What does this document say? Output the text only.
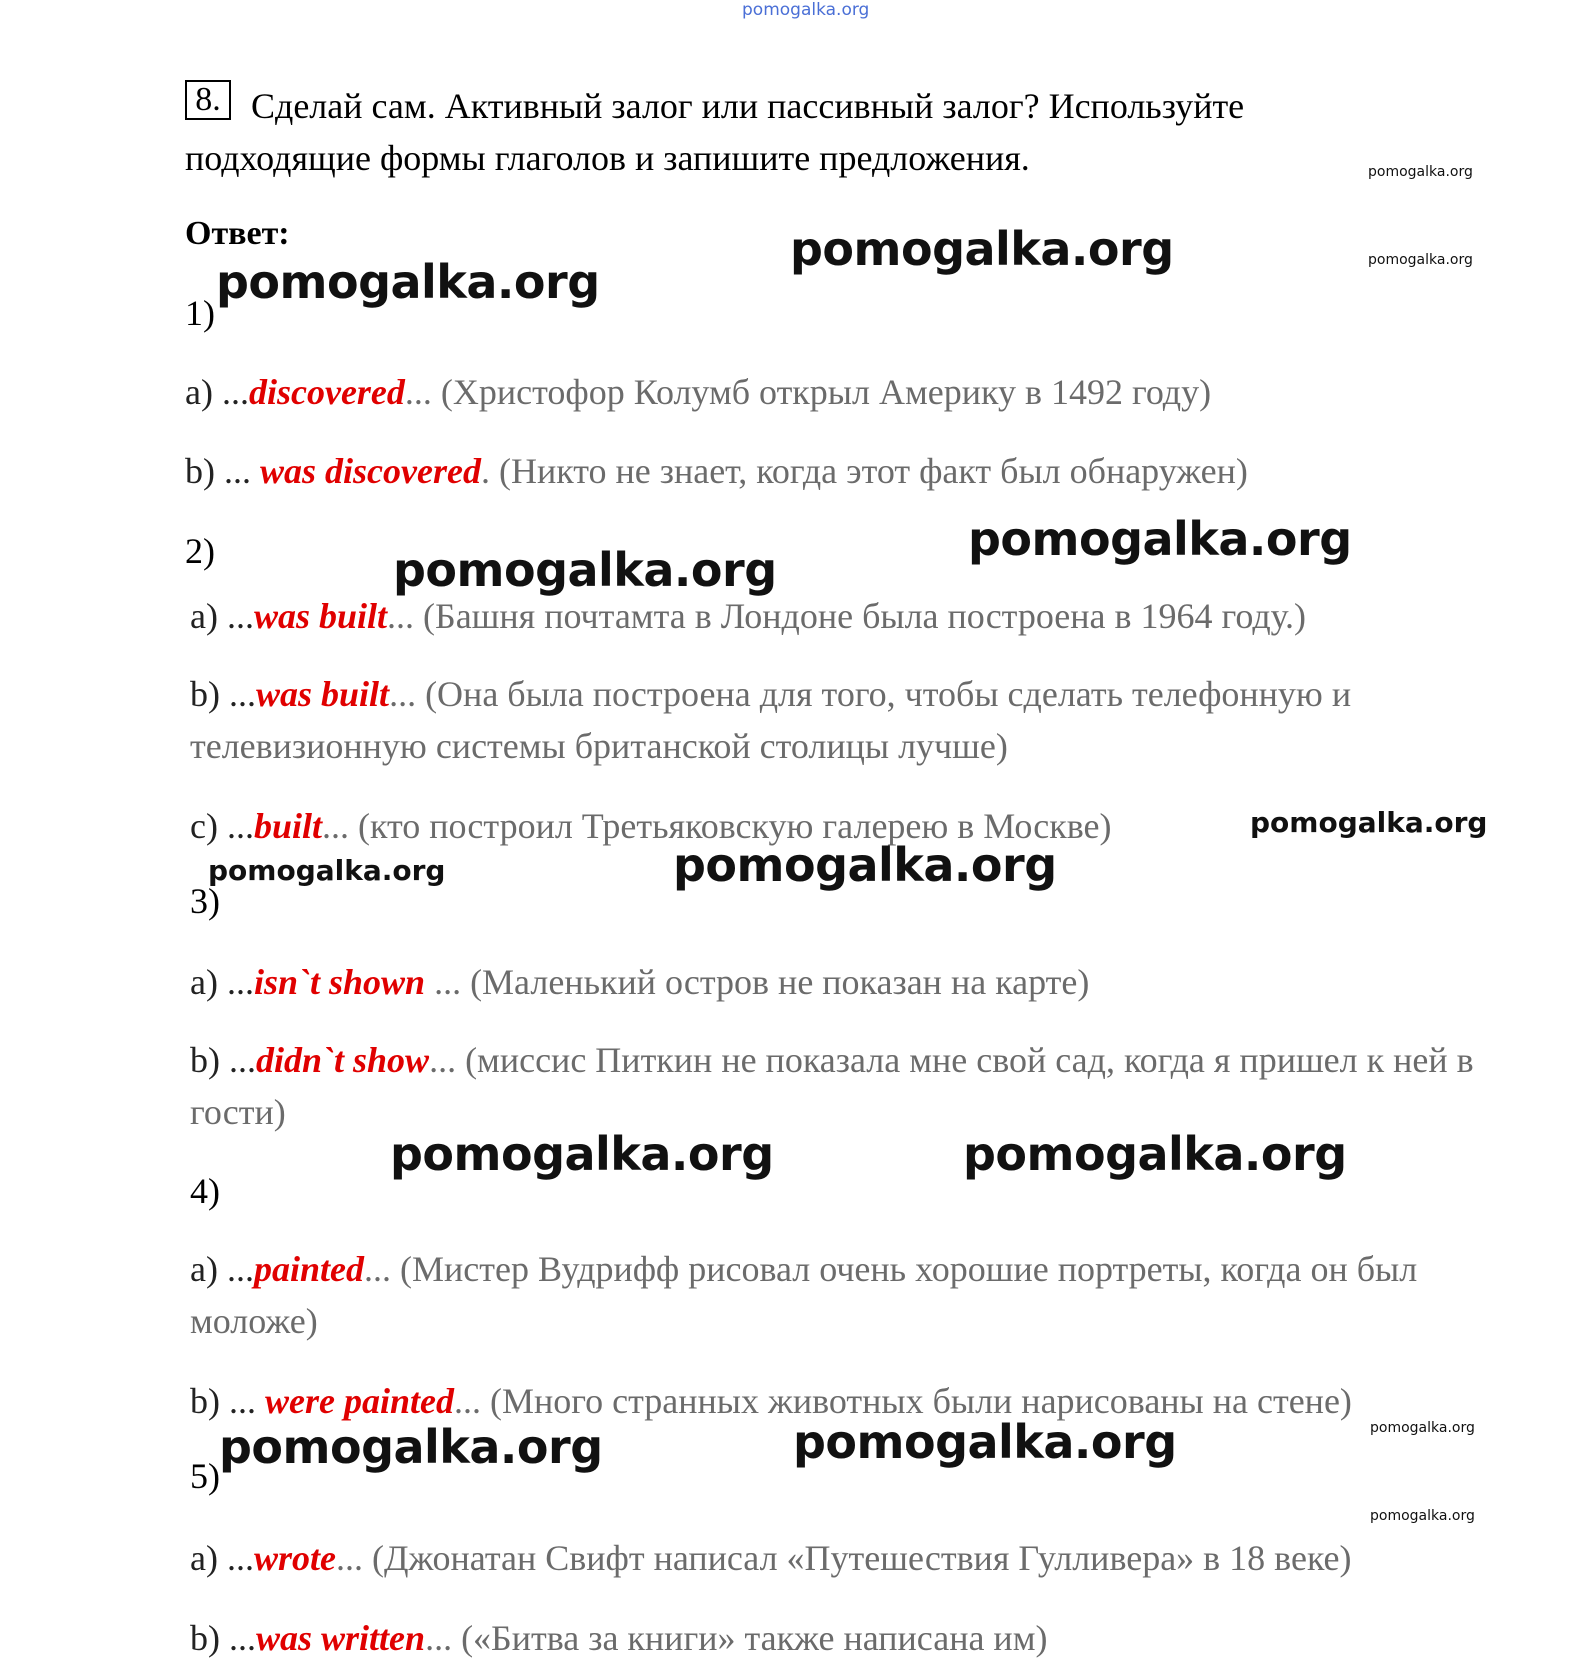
pomogalka.org
8. Сделай сам. Активный залог или пассивный залог? Используйте подходящие формы глаголов и запишите предложения.
Ответ:
1)
a) ...discovered... (Христофор Колумб открыл Америку в 1492 году)
b) ... was discovered. (Никто не знает, когда этот факт был обнаружен)
2)
a) ...was built... (Башня почтамта в Лондоне была построена в 1964 году.)
b) ...was built... (Она была построена для того, чтобы сделать телефонную и телевизионную системы британской столицы лучше)
c) ...built... (кто построил Третьяковскую галерею в Москве)
3)
a) ...isn`t shown ... (Маленький остров не показан на карте)
b) ...didn`t show... (миссис Питкин не показала мне свой сад, когда я пришел к ней в гости)
4)
a) ...painted... (Мистер Вудрифф рисовал очень хорошие портреты, когда он был моложе)
b) ... were painted... (Много странных животных были нарисованы на стене)
5)
a) ...wrote... (Джонатан Свифт написал «Путешествия Гулливера» в 18 веке)
b) ...was written... («Битва за книги» также написана им)
pomogalka.org
pomogalka.org
pomogalka.org
pomogalka.org
pomogalka.org
pomogalka.org
pomogalka.org
pomogalka.org	pomogalka.org
pomogalka.org	pomogalka.org
pomogalka.org
pomogalka.org	pomogalka.org
pomogalka.org
